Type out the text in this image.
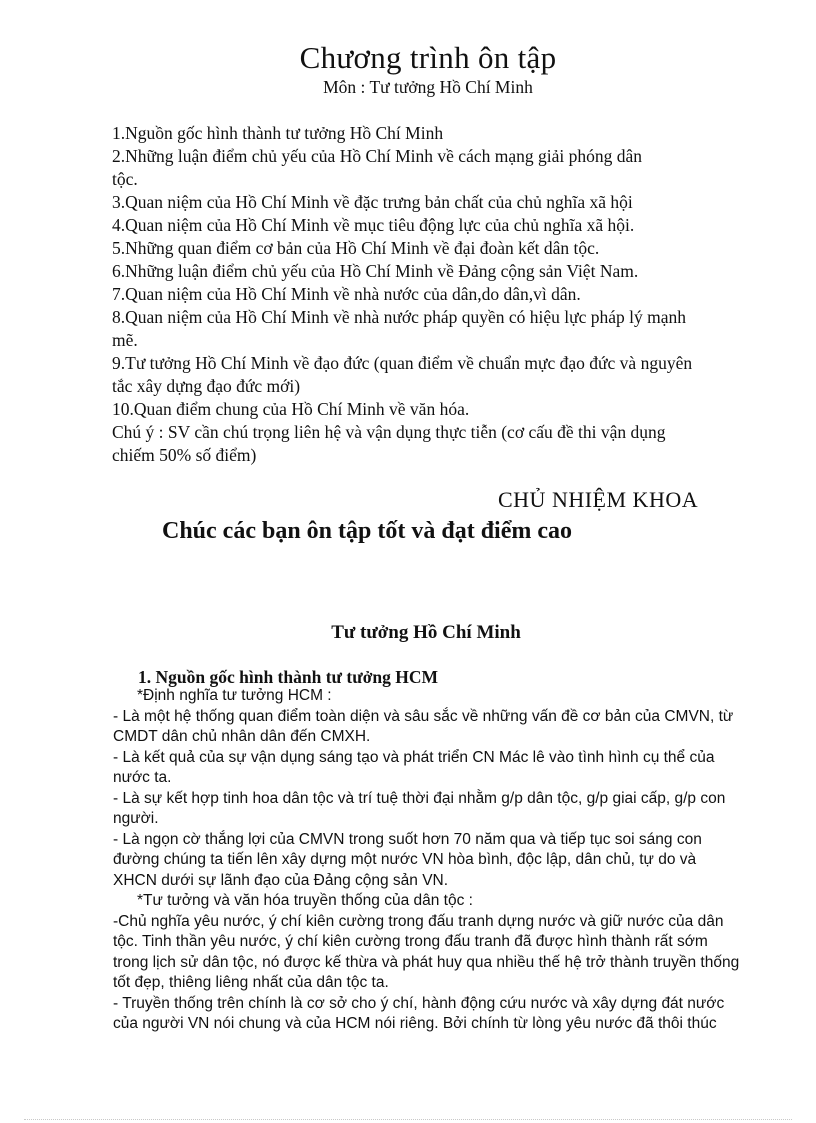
Chương trình ôn tập
Môn : Tư tưởng Hồ Chí Minh

1.Nguồn gốc hình thành tư tưởng Hồ Chí Minh

2.Những luận điểm chủ yếu của Hồ Chí Minh về cách mạng giải phóng dân

tộc.

3.Quan niệm của Hồ Chí Minh về đặc trưng bản chất của chủ nghĩa xã hội

4.Quan niệm của Hồ Chí Minh về mục tiêu động lực của chủ nghĩa xã hội.

5.Những quan điểm cơ bản của Hồ Chí Minh về đại đoàn kết dân tộc.

6.Những luận điểm chủ yếu của Hồ Chí Minh về Đảng cộng sản Việt Nam.

7.Quan niệm của Hồ Chí Minh về nhà nước của dân,do dân,vì dân.

8.Quan niệm của Hồ Chí Minh về nhà nước pháp quyền có hiệu lực pháp lý mạnh

mẽ.

9.Tư tưởng Hồ Chí Minh về đạo đức (quan điểm về chuẩn mực đạo đức và nguyên

tắc xây dựng đạo đức mới)

10.Quan điểm chung của Hồ Chí Minh về văn hóa.

Chú ý : SV cần chú trọng liên hệ và vận dụng thực tiễn (cơ cấu đề thi vận dụng

chiếm 50% số điểm)

CHỦ NHIỆM KHOA
Chúc các bạn ôn tập tốt và đạt điểm cao
Tư tưởng Hồ Chí Minh
1. Nguồn gốc hình thành tư tưởng HCM

*Định nghĩa tư tưởng HCM :

- Là một hệ thống quan điểm toàn diện và sâu sắc về những vấn đề cơ bản của CMVN, từ

CMDT dân chủ nhân dân đến CMXH.

- Là kết quả của sự vận dụng sáng tạo và phát triển CN Mác lê vào tình hình cụ thể của

nước ta.

- Là sự kết hợp tinh hoa dân tộc và trí tuệ thời đại nhằm g/p dân tộc, g/p giai cấp, g/p con

người.

- Là ngọn cờ thắng lợi của CMVN trong suốt hơn 70 năm qua và tiếp tục soi sáng con

đường chúng ta tiến lên xây dựng một nước VN hòa bình, độc lập, dân chủ, tự do và

XHCN dưới sự lãnh đạo của Đảng cộng sản VN.

*Tư tưởng và văn hóa truyền thống của dân tộc :

-Chủ nghĩa yêu nước, ý chí kiên cường trong đấu tranh dựng nước và giữ nước của dân

tộc. Tinh thần yêu nước, ý chí kiên cường trong đấu tranh đã được hình thành rất sớm

trong lịch sử dân tộc, nó được kế thừa và phát huy qua nhiều thế hệ trở thành truyền thống

tốt đẹp, thiêng liêng nhất của dân tộc ta.

- Truyền thống trên chính là cơ sở cho ý chí, hành động cứu nước và xây dựng đát nước

của người VN nói chung và của HCM nói riêng. Bởi chính từ lòng yêu nước đã thôi thúc
